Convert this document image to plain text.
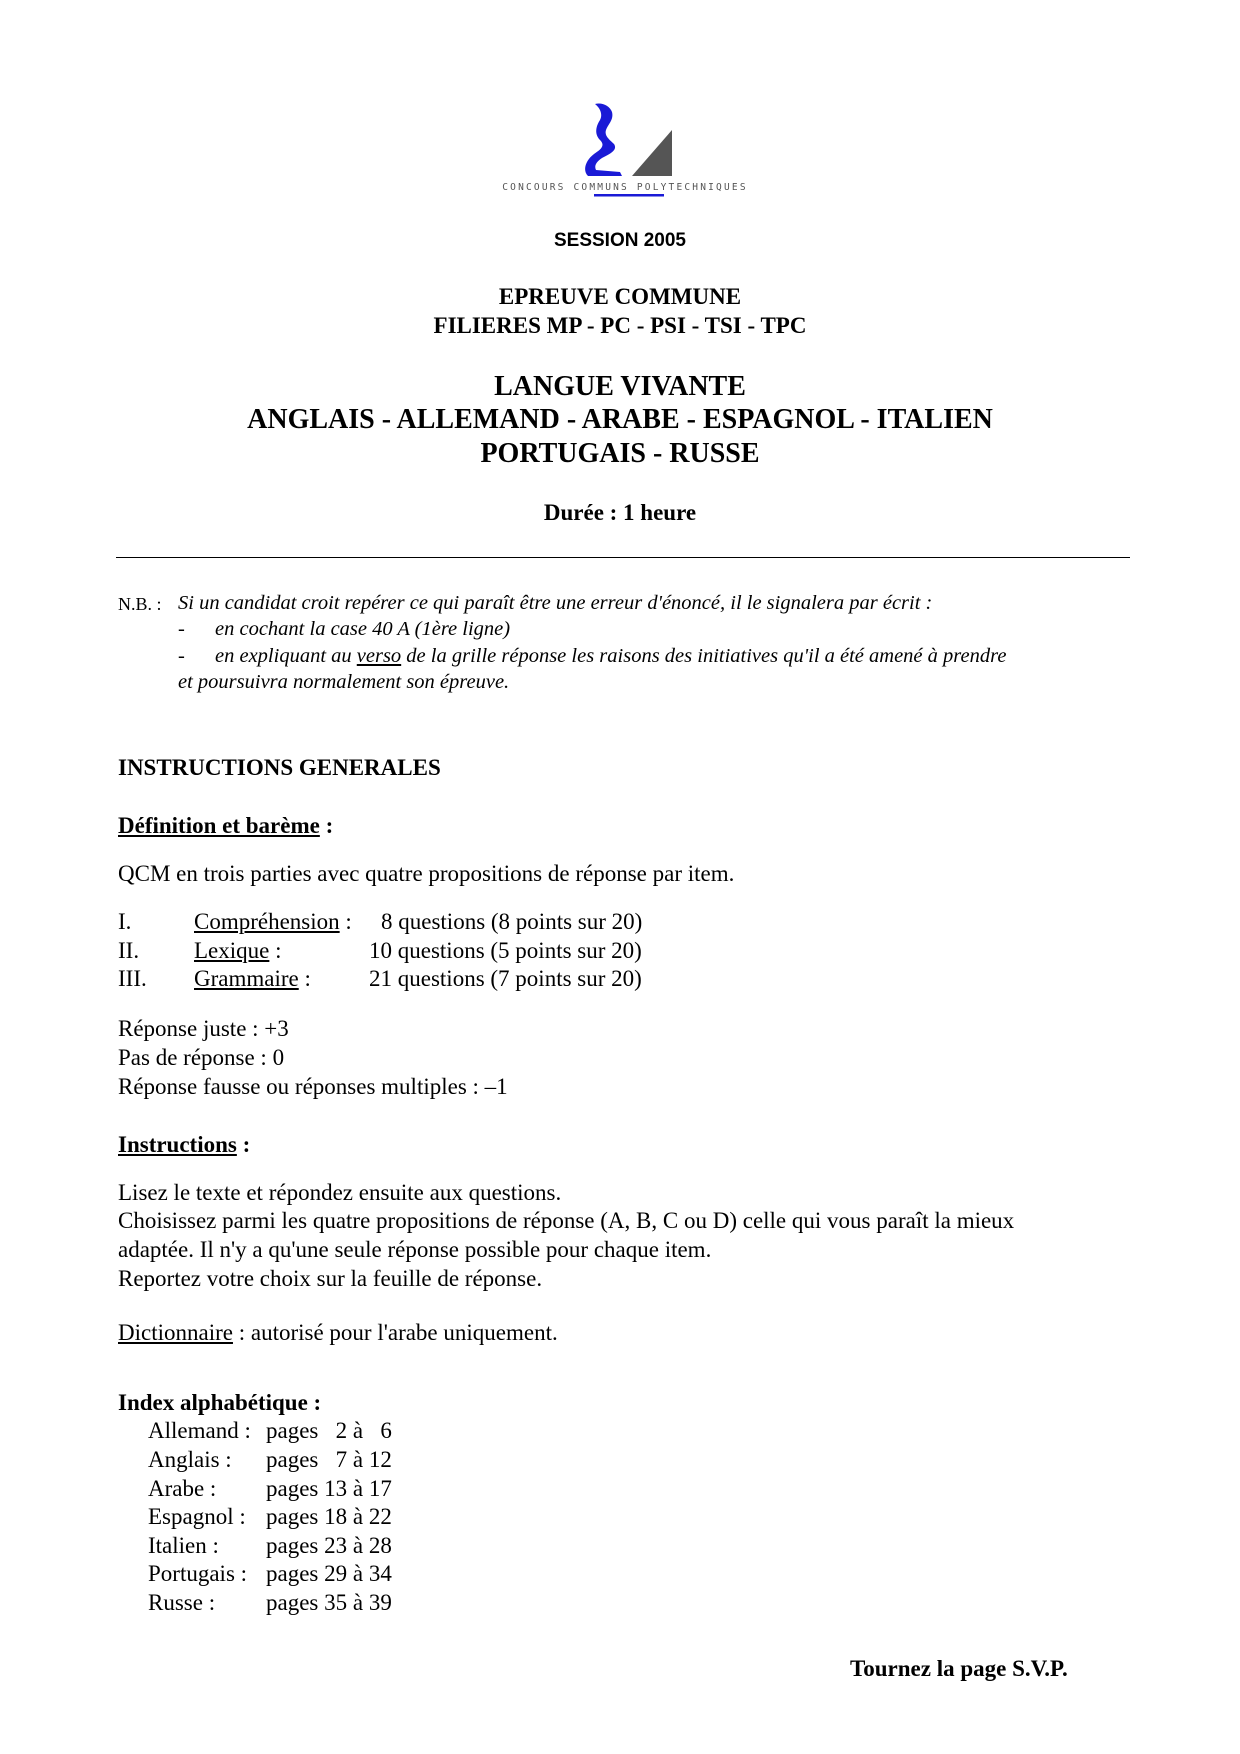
CONCOURS COMMUNS POLYTECHNIQUES
SESSION 2005
EPREUVE COMMUNE
FILIERES MP - PC - PSI - TSI - TPC
LANGUE VIVANTE
ANGLAIS - ALLEMAND - ARABE - ESPAGNOL - ITALIEN
PORTUGAIS - RUSSE
Durée : 1 heure
N.B. : Si un candidat croit repérer ce qui paraît être une erreur d'énoncé, il le signalera par écrit :
- en cochant la case 40 A (1ère ligne)
- en expliquant au verso de la grille réponse les raisons des initiatives qu'il a été amené à prendre
et poursuivra normalement son épreuve.
INSTRUCTIONS GENERALES
Définition et barème :
QCM en trois parties avec quatre propositions de réponse par item.
I.	Compréhension : 8 questions (8 points sur 20)
II. Lexique :	10 questions (5 points sur 20)
III. Grammaire :	21 questions (7 points sur 20)
Réponse juste : +3
Pas de réponse : 0
Réponse fausse ou réponses multiples : –1
Instructions :
Lisez le texte et répondez ensuite aux questions.
Choisissez parmi les quatre propositions de réponse (A, B, C ou D) celle qui vous paraît la mieux
adaptée. Il n'y a qu'une seule réponse possible pour chaque item.
Reportez votre choix sur la feuille de réponse.
Dictionnaire : autorisé pour l'arabe uniquement.
Index alphabétique :
Allemand : pages   2 à   6
Anglais : pages   7 à 12
Arabe : pages 13 à 17
Espagnol : pages 18 à 22
Italien : pages 23 à 28
Portugais : pages 29 à 34
Russe : pages 35 à 39
Tournez la page S.V.P.
